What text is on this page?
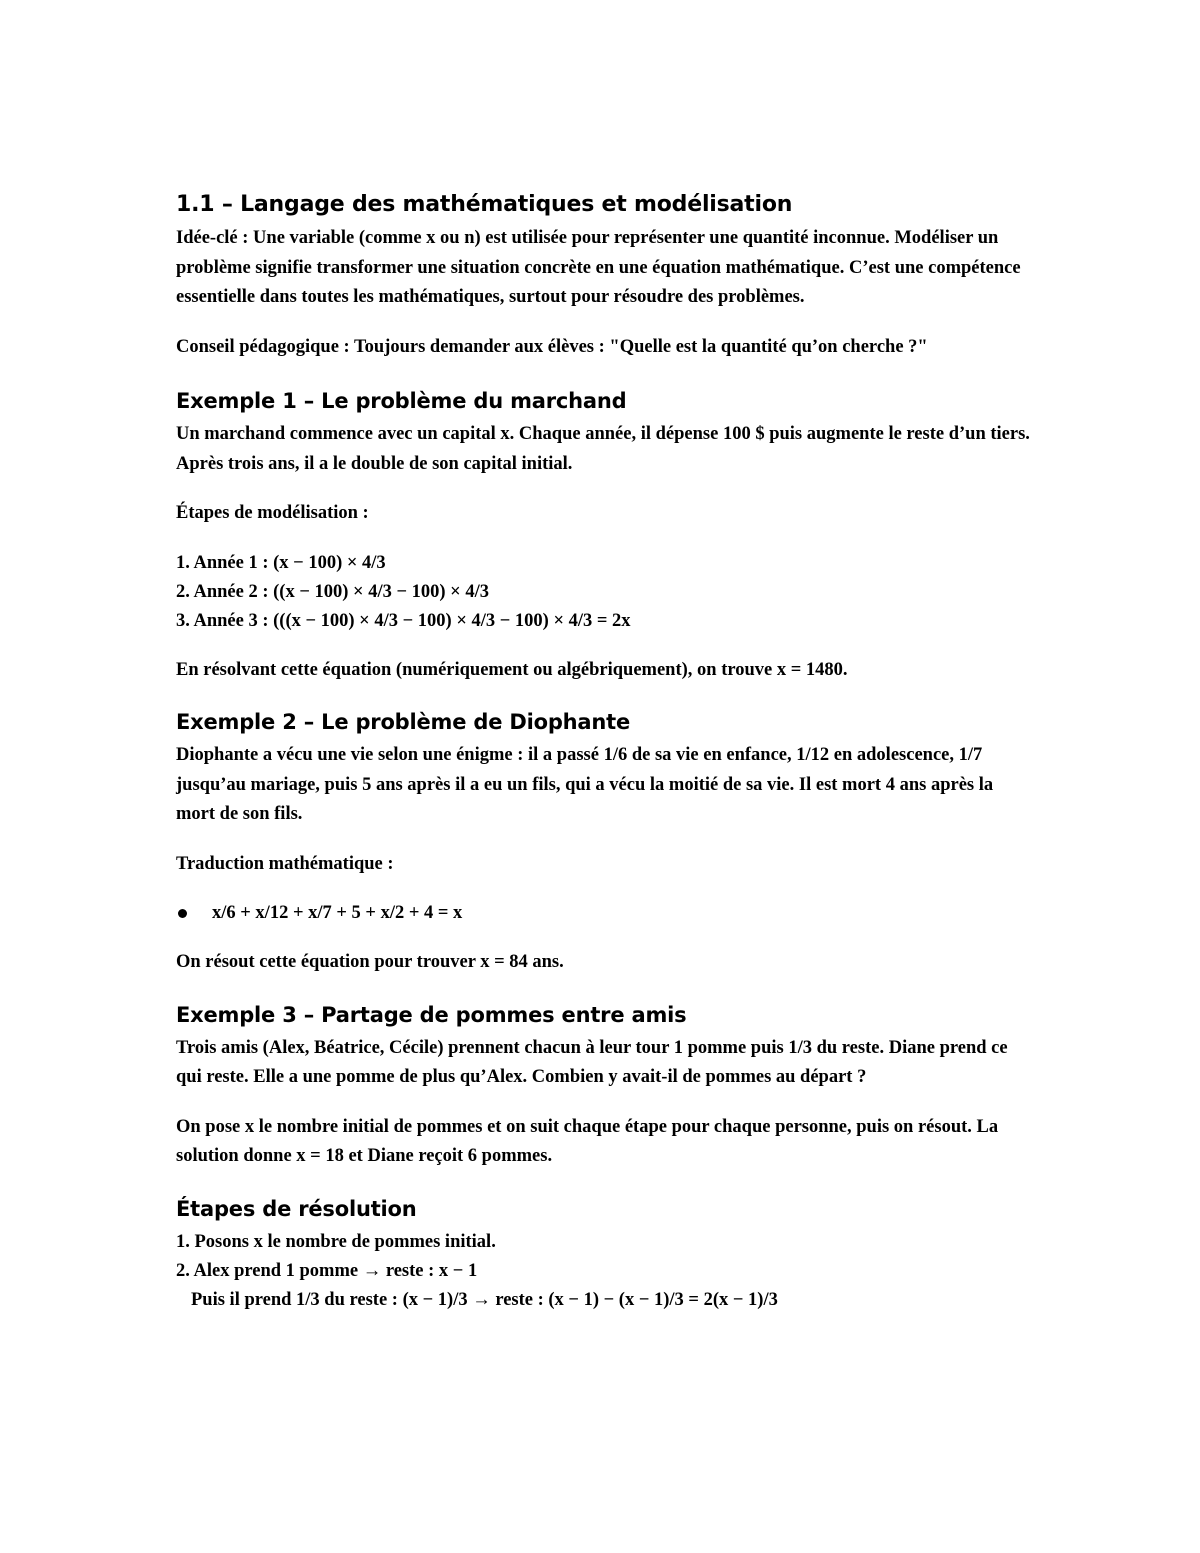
1.1 – Langage des mathématiques et modélisation

Idée-clé : Une variable (comme x ou n) est utilisée pour représenter une quantité inconnue. Modéliser un problème signifie transformer une situation concrète en une équation mathématique. C’est une compétence essentielle dans toutes les mathématiques, surtout pour résoudre des problèmes.

Conseil pédagogique : Toujours demander aux élèves : "Quelle est la quantité qu’on cherche ?"

Exemple 1 – Le problème du marchand

Un marchand commence avec un capital x. Chaque année, il dépense 100 $ puis augmente le reste d’un tiers. Après trois ans, il a le double de son capital initial.

Étapes de modélisation :

1. Année 1 : (x − 100) × 4/3
2. Année 2 : ((x − 100) × 4/3 − 100) × 4/3
3. Année 3 : (((x − 100) × 4/3 − 100) × 4/3 − 100) × 4/3 = 2x

En résolvant cette équation (numériquement ou algébriquement), on trouve x = 1480.

Exemple 2 – Le problème de Diophante

Diophante a vécu une vie selon une énigme : il a passé 1/6 de sa vie en enfance, 1/12 en adolescence, 1/7 jusqu’au mariage, puis 5 ans après il a eu un fils, qui a vécu la moitié de sa vie. Il est mort 4 ans après la mort de son fils.

Traduction mathématique :

x/6 + x/12 + x/7 + 5 + x/2 + 4 = x

On résout cette équation pour trouver x = 84 ans.

Exemple 3 – Partage de pommes entre amis

Trois amis (Alex, Béatrice, Cécile) prennent chacun à leur tour 1 pomme puis 1/3 du reste. Diane prend ce qui reste. Elle a une pomme de plus qu’Alex. Combien y avait-il de pommes au départ ?

On pose x le nombre initial de pommes et on suit chaque étape pour chaque personne, puis on résout. La solution donne x = 18 et Diane reçoit 6 pommes.

Étapes de résolution
1. Posons x le nombre de pommes initial.
2. Alex prend 1 pomme → reste : x − 1
Puis il prend 1/3 du reste : (x − 1)/3 → reste : (x − 1) − (x − 1)/3 = 2(x − 1)/3
